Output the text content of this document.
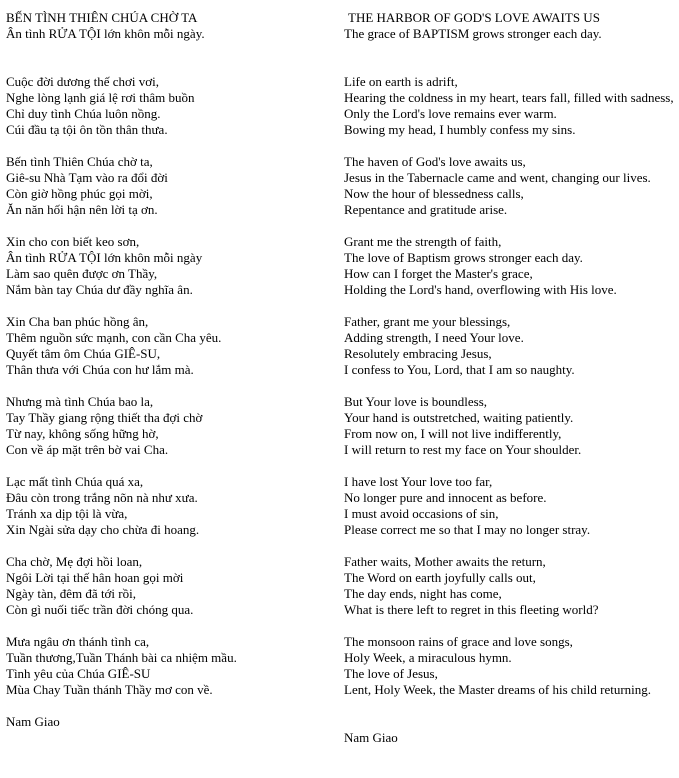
BẾN TÌNH THIÊN CHÚA CHỜ TA
Ân tình RỬA TỘI lớn khôn mỗi ngày.
Cuộc đời dương thế chơi vơi,
Nghe lòng lạnh giá lệ rơi thâm buồn
Chỉ duy tình Chúa luôn nồng.
Cúi đầu tạ tội ôn tồn thân thưa.
Bến tình Thiên Chúa chờ ta,
Giê-su Nhà Tạm vào ra đổi đời
Còn giờ hồng phúc gọi mời,
Ăn năn hối hận nên lời tạ ơn.
Xin cho con biết keo sơn,
Ân tình RỬA TỘI lớn khôn mỗi ngày
Làm sao quên được ơn Thầy,
Nắm bàn tay Chúa dư đầy nghĩa ân.
Xin Cha ban phúc hồng ân,
Thêm nguồn sức mạnh, con cần Cha yêu.
Quyết tâm ôm Chúa GIÊ-SU,
Thân thưa với Chúa con hư lắm mà.
Nhưng mà tình Chúa bao la,
Tay Thầy giang rộng thiết tha đợi chờ
Từ nay, không sống hững hờ,
Con về áp mặt trên bờ vai Cha.
Lạc mất tình Chúa quá xa,
Đâu còn trong trắng nõn nà như xưa.
Tránh xa dịp tội là vừa,
Xin Ngài sửa dạy cho chừa đi hoang.
Cha chờ, Mẹ đợi hồi loan,
Ngôi Lời tại thế hân hoan gọi mời
Ngày tàn, đêm đã tới rồi,
Còn gì nuối tiếc trần đời chóng qua.
Mưa ngâu ơn thánh tình ca,
Tuần thương,Tuần Thánh bài ca nhiệm mầu.
Tình yêu của Chúa GIÊ-SU
Mùa Chay Tuần thánh Thầy mơ con về.
Nam Giao
THE HARBOR OF GOD'S LOVE AWAITS US
The grace of BAPTISM grows stronger each day.
Life on earth is adrift,
Hearing the coldness in my heart, tears fall, filled with sadness,
Only the Lord's love remains ever warm.
Bowing my head, I humbly confess my sins.
The haven of God's love awaits us,
Jesus in the Tabernacle came and went, changing our lives.
Now the hour of blessedness calls,
Repentance and gratitude arise.
Grant me the strength of faith,
The love of Baptism grows stronger each day.
How can I forget the Master's grace,
Holding the Lord's hand, overflowing with His love.
Father, grant me your blessings,
Adding strength, I need Your love.
Resolutely embracing Jesus,
I confess to You, Lord, that I am so naughty.
But Your love is boundless,
Your hand is outstretched, waiting patiently.
From now on, I will not live indifferently,
I will return to rest my face on Your shoulder.
I have lost Your love too far,
No longer pure and innocent as before.
I must avoid occasions of sin,
Please correct me so that I may no longer stray.
Father waits, Mother awaits the return,
The Word on earth joyfully calls out,
The day ends, night has come,
What is there left to regret in this fleeting world?
The monsoon rains of grace and love songs,
Holy Week, a miraculous hymn.
The love of Jesus,
Lent, Holy Week, the Master dreams of his child returning.
Nam Giao
